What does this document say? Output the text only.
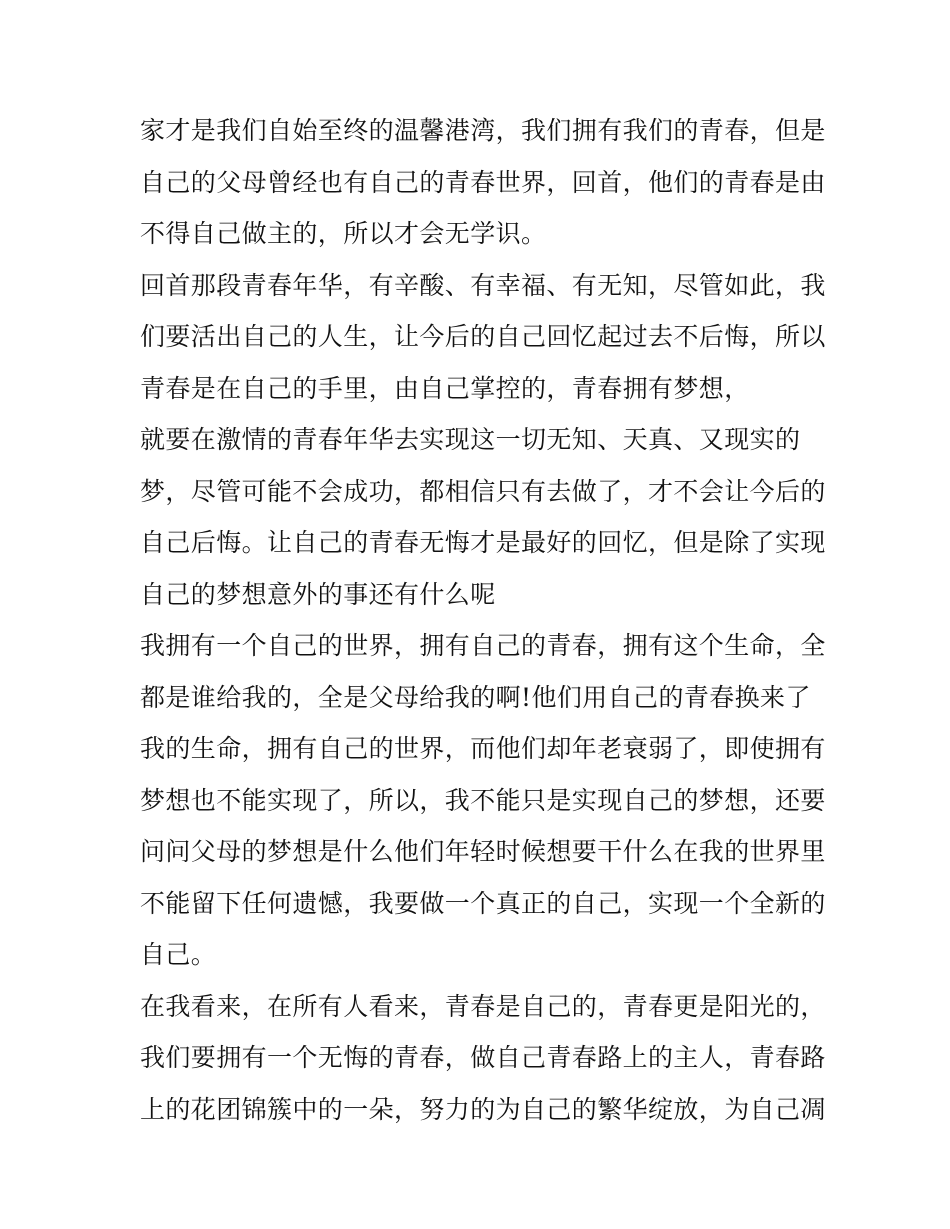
家才是我们自始至终的温馨港湾，我们拥有我们的青春，但是
自己的父母曾经也有自己的青春世界，回首，他们的青春是由
不得自己做主的，所以才会无学识。
回首那段青春年华，有辛酸、有幸福、有无知，尽管如此，我
们要活出自己的人生，让今后的自己回忆起过去不后悔，所以
青春是在自己的手里，由自己掌控的，青春拥有梦想，
就要在激情的青春年华去实现这一切无知、天真、又现实的
梦，尽管可能不会成功，都相信只有去做了，才不会让今后的
自己后悔。让自己的青春无悔才是最好的回忆，但是除了实现
自己的梦想意外的事还有什么呢
我拥有一个自己的世界，拥有自己的青春，拥有这个生命，全
都是谁给我的，全是父母给我的啊!他们用自己的青春换来了
我的生命，拥有自己的世界，而他们却年老衰弱了，即使拥有
梦想也不能实现了，所以，我不能只是实现自己的梦想，还要
问问父母的梦想是什么他们年轻时候想要干什么在我的世界里
不能留下任何遗憾，我要做一个真正的自己，实现一个全新的
自己。
在我看来，在所有人看来，青春是自己的，青春更是阳光的，
我们要拥有一个无悔的青春，做自己青春路上的主人，青春路
上的花团锦簇中的一朵，努力的为自己的繁华绽放，为自己凋
